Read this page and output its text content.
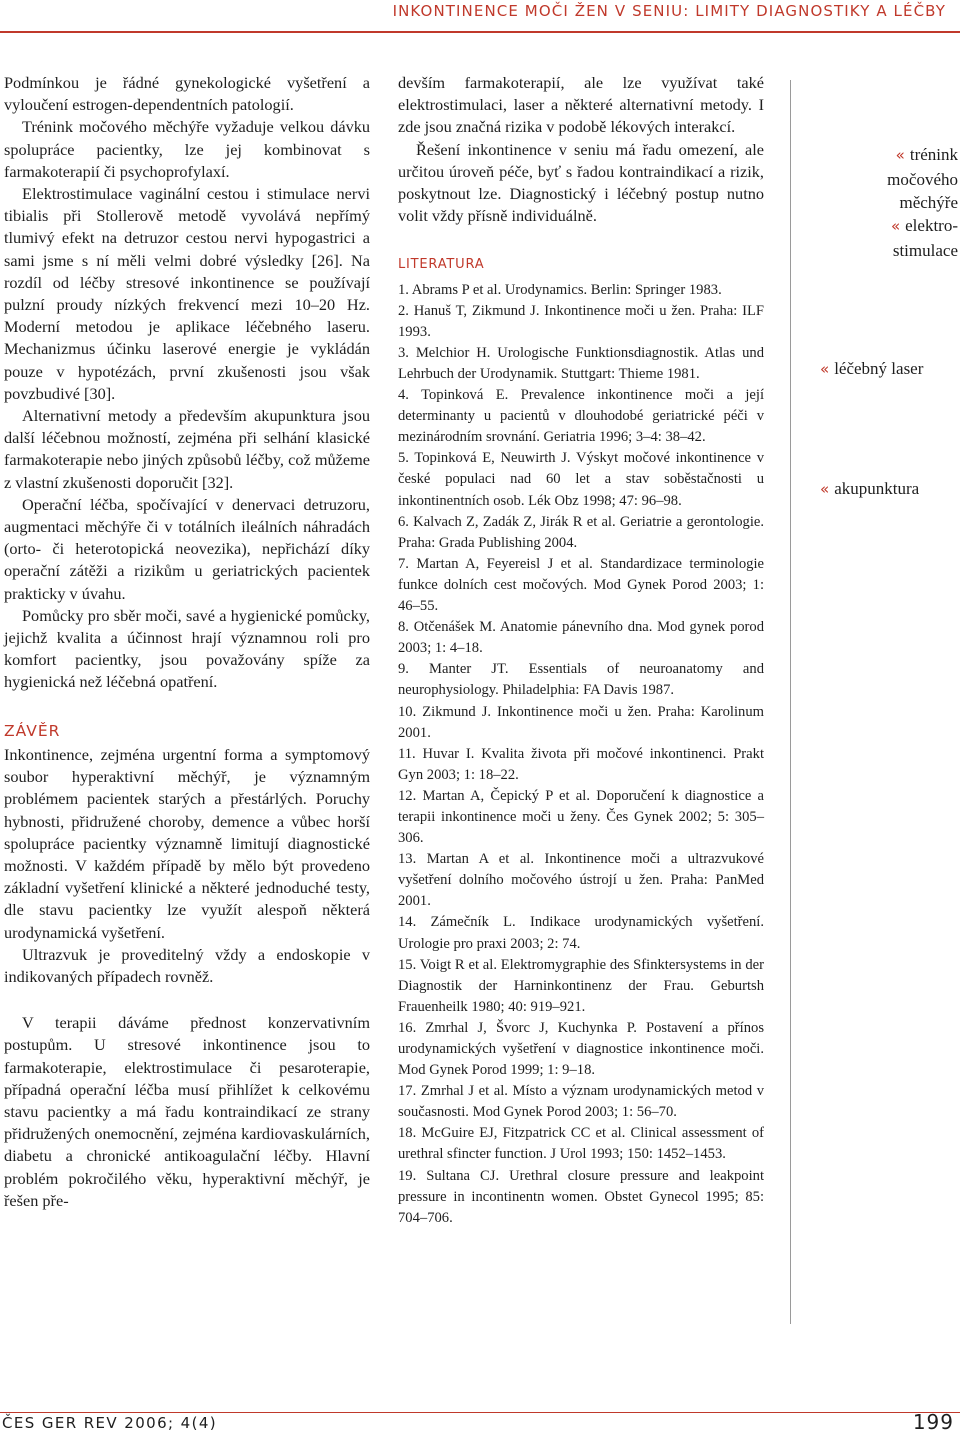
INKONTINENCE MOČI ŽEN V SENIU: LIMITY DIAGNOSTIKY A LÉČBY

Podmínkou je řádné gynekologické vyšetření a vyloučení estrogen-dependentních patologií.

Trénink močového měchýře vyžaduje velkou dávku spolupráce pacientky, lze jej kombinovat s farmakoterapií či psychoprofylaxí.

Elektrostimulace vaginální cestou i stimulace nervi tibialis při Stollerově metodě vyvolává nepřímý tlumivý efekt na detruzor cestou nervi hypogastrici a sami jsme s ní měli velmi dobré výsledky [26]. Na rozdíl od léčby stresové inkontinence se používají pulzní proudy nízkých frekvencí mezi 10–20 Hz. Moderní metodou je aplikace léčebného laseru. Mechanizmus účinku laserové energie je vykládán pouze v hypotézách, první zkušenosti jsou však povzbudivé [30].

Alternativní metody a především akupunktura jsou další léčebnou možností, zejména při selhání klasické farmakoterapie nebo jiných způsobů léčby, což můžeme z vlastní zkušenosti doporučit [32].

Operační léčba, spočívající v denervaci detruzoru, augmentaci měchýře či v totálních ileálních náhradách (orto- či heterotopická neovezika), nepřichází díky operační zátěži a rizikům u geriatrických pacientek prakticky v úvahu.

Pomůcky pro sběr moči, savé a hygienické pomůcky, jejichž kvalita a účinnost hrají významnou roli pro komfort pacientky, jsou považovány spíže za hygienická než léčebná opatření.

ZÁVĚR

Inkontinence, zejména urgentní forma a symptomový soubor hyperaktivní měchýř, je významným problémem pacientek starých a přestárlých. Poruchy hybnosti, přidružené choroby, demence a vůbec horší spolupráce pacientky významně limitují diagnostické možnosti. V každém případě by mělo být provedeno základní vyšetření klinické a některé jednoduché testy, dle stavu pacientky lze využít alespoň některá urodynamická vyšetření.

Ultrazvuk je proveditelný vždy a endoskopie v indikovaných případech rovněž.

V terapii dáváme přednost konzervativním postupům. U stresové inkontinence jsou to farmakoterapie, elektrostimulace či pesaroterapie, případná operační léčba musí přihlížet k celkovému stavu pacientky a má řadu kontraindikací ze strany přidružených onemocnění, zejména kardiovaskulárních, diabetu a chronické antikoagulační léčby. Hlavní problém pokročilého věku, hyperaktivní měchýř, je řešen pře-

devším farmakoterapií, ale lze využívat také elektrostimulaci, laser a některé alternativní metody. I zde jsou značná rizika v podobě lékových interakcí.

Řešení inkontinence v seniu má řadu omezení, ale určitou úroveň péče, byť s řadou kontraindikací a rizik, poskytnout lze. Diagnostický i léčebný postup nutno volit vždy přísně individuálně.

LITERATURA

1. Abrams P et al. Urodynamics. Berlin: Springer 1983.

2. Hanuš T, Zikmund J. Inkontinence moči u žen. Praha: ILF 1993.

3. Melchior H. Urologische Funktionsdiagnostik. Atlas und Lehrbuch der Urodynamik. Stuttgart: Thieme 1981.

4. Topinková E. Prevalence inkontinence moči a její determinanty u pacientů v dlouhodobé geriatrické péči v mezinárodním srovnání. Geriatria 1996; 3–4: 38–42.

5. Topinková E, Neuwirth J. Výskyt močové inkontinence v české populaci nad 60 let a stav soběstačnosti u inkontinentních osob. Lék Obz 1998; 47: 96–98.

6. Kalvach Z, Zadák Z, Jirák R et al. Geriatrie a gerontologie. Praha: Grada Publishing 2004.

7. Martan A, Feyereisl J et al. Standardizace terminologie funkce dolních cest močových. Mod Gynek Porod 2003; 1: 46–55.

8. Otčenášek M. Anatomie pánevního dna. Mod gynek porod 2003; 1: 4–18.

9. Manter JT. Essentials of neuroanatomy and neurophysiology. Philadelphia: FA Davis 1987.

10. Zikmund J. Inkontinence moči u žen. Praha: Karolinum 2001.

11. Huvar I. Kvalita života při močové inkontinenci. Prakt Gyn 2003; 1: 18–22.

12. Martan A, Čepický P et al. Doporučení k diagnostice a terapii inkontinence moči u ženy. Čes Gynek 2002; 5: 305–306.

13. Martan A et al. Inkontinence moči a ultrazvukové vyšetření dolního močového ústrojí u žen. Praha: PanMed 2001.

14. Zámečník L. Indikace urodynamických vyšetření. Urologie pro praxi 2003; 2: 74.

15. Voigt R et al. Elektromygraphie des Sfinktersystems in der Diagnostik der Harninkontinenz der Frau. Geburtsh Frauenheilk 1980; 40: 919–921.

16. Zmrhal J, Švorc J, Kuchynka P. Postavení a přínos urodynamických vyšetření v diagnostice inkontinence moči. Mod Gynek Porod 1999; 1: 9–18.

17. Zmrhal J et al. Místo a význam urodynamických metod v současnosti. Mod Gynek Porod 2003; 1: 56–70.

18. McGuire EJ, Fitzpatrick CC et al. Clinical assessment of urethral sfincter function. J Urol 1993; 150: 1452–1453.

19. Sultana CJ. Urethral closure pressure and leakpoint pressure in incontinentn women. Obstet Gynecol 1995; 85: 704–706.

« trénink
močového
měchýře
« elektro-
stimulace
« léčebný laser
« akupunktura
ČES GER REV 2006; 4(4)	199
